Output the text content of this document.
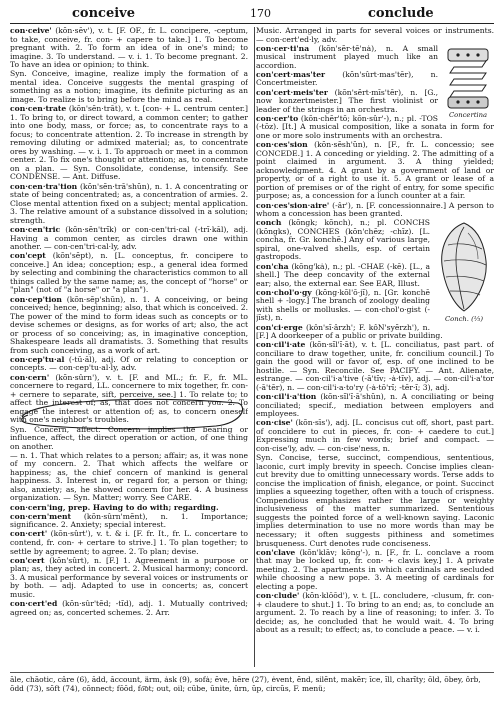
conceive	170	conclude

con·ceive' (kŏn·sēv'), v. t. [F. OF., fr. L. concipere, -ceptum, to take, conceive, fr. con- + capere to take.] 1. To become pregnant with. 2. To form an idea of in one's mind; to imagine. 3. To understand. — v. i. 1. To become pregnant. 2. To have an idea or opinion; to think.

Syn. Conceive, imagine, realize imply the formation of a mental idea. Conceive suggests the mental grasping of something as a notion; imagine, its definite picturing as an image. To realize is to bring before the mind as real.

con·cen·trate (kŏn'sĕn·trāt), v. t. [con- + L. centrum center.] 1. To bring to, or direct toward, a common center; to gather into one body, mass, or force; as, to concentrate rays to a focus; to concentrate attention. 2. To increase in strength by removing diluting or admixed material; as, to concentrate ores by washing. — v. i. 1. To approach or meet in a common center. 2. To fix one's thought or attention; as, to concentrate on a plan. — Syn. Consolidate, condense, intensify. See CONDENSE. — Ant. Diffuse.

con·cen·tra'tion (kŏn'sĕn·trā'shŭn), n. 1. A concentrating or state of being concentrated; as, a concentration of armies. 2. Close mental attention fixed on a subject; mental application. 3. The relative amount of a substance dissolved in a solution; strength.

con·cen'tric (kŏn·sĕn'trĭk) or con·cen'tri·cal (-trĭ·kăl), adj. Having a common center, as circles drawn one within another. — con·cen'tri·cal·ly, adv.

con'cept (kŏn'sĕpt), n. [L. conceptus, fr. concipere to conceive.] An idea; conception; esp., a general idea formed by selecting and combining the characteristics common to all things called by the same name; as, the concept of "horse" or "plan" (not of "a horse" or "a plan").

con·cep'tion (kŏn·sĕp'shŭn), n. 1. A conceiving, or being conceived; hence, beginning; also, that which is conceived. 2. The power of the mind to form ideas such as concepts or to devise schemes or designs, as for works of art; also, the act or process of so conceiving; as, in imaginative conception, Shakespeare leads all dramatists. 3. Something that results from such conceiving, as a work of art.

con·cep'tu·al (-tū·ăl), adj. Of or relating to conception or concepts. — con·cep'tu·al·ly, adv.

con·cern' (kŏn·sûrn'), v. t. [F. and ML.; fr. F., fr. ML. concernere to regard, LL. concernere to mix together, fr. con- + cernere to separate, sift, perceive, see.] 1. To relate to; to affect the interest of; as, that does not concern you. 2. To engage the interest or attention of; as, to concern oneself with one's neighbor's troubles.

Syn. Concern, affect. Concern implies the bearing or influence, affect, the direct operation or action, of one thing on another.

— n. 1. That which relates to a person; affair; as, it was none of my concern. 2. That which affects the welfare or happiness; as, the chief concern of mankind is general happiness. 3. Interest in, or regard for, a person or thing; also, anxiety; as, he showed concern for her. 4. A business organization. — Syn. Matter; worry. See CARE.

con·cern'ing, prep. Having to do with; regarding.

con·cern'ment (kŏn·sûrn'mĕnt), n. 1. Importance; significance. 2. Anxiety; special interest.

con·cert' (kŏn·sûrt'), v. t. & i. [F. fr. It., fr. L. concertare to contend, fr. con- + certare to strive.] 1. To plan together; to settle by agreement; to agree. 2. To plan; devise.

con'cert (kŏn'sûrt), n. [F.] 1. Agreement in a purpose or plan; as, they acted in concert. 2. Musical harmony; concord. 3. A musical performance by several voices or instruments or by both. — adj. Adapted to use in concerts; as, concert music.

con·cert'ed (kŏn·sûr'tĕd; -tĭd), adj. 1. Mutually contrived; agreed on; as, concerted schemes. 2. Arr.

Music. Arranged in parts for several voices or instruments. — con·cert'ed·ly, adv.

Concertina

con·cer·ti'na (kŏn'sĕr·tē'nȧ), n. A small musical instrument played much like an accordion.

con'cert·mas'ter (kŏn'sûrt·mas'tēr), n. Concertmeister.

con'cert·meis'ter (kŏn'sĕrt·mīs'tēr), n. [G., now konzertmeister.] The first violinist or leader of the strings in an orchestra.

con·cer'to (kŏn·chĕr'tō; kŏn·sûr'-), n.; pl. -TOS (-tōz). [It.] A musical composition, like a sonata in form for one or more solo instruments with an orchestra.

con·ces'sion (kŏn·sĕsh'ŭn), n. [F., fr. L. concessio; see CONCEDE.] 1. A conceding or yielding. 2. The admitting of a point claimed in argument. 3. A thing yielded; acknowledgment. 4. A grant by a government of land or property, or of a right to use it. 5. A grant or lease of a portion of premises or of the right of entry, for some specific purpose; as, a concession for a lunch counter at a fair.

con·ces'sion·aire' (-âr'), n. [F. concessionnaire.] A person to whom a concession has been granted.

Conch. (⅓)

conch (kŏngk; kŏnch), n.; pl. CONCHS (kŏngks), CONCHES (kŏn'chĕz; -chĭz). [L. concha, fr. Gr. konchē.] Any of various large, spiral, one-valved shells, esp. of certain gastropods.

con'cha (kŏng'kȧ), n.; pl. -CHAE (-kē). [L., a shell.] The deep concavity of the external ear; also, the external ear. See EAR, Illust.

con·chol'o·gy (kŏng·kŏl'ō·jĭ), n. [Gr. konchē shell + -logy.] The branch of zoology dealing with shells or mollusks. — con·chol'o·gist (-jĭst), n.

con'ci·erge (kôn'sĭ·ârzh'; F. kôN'syĕrzh'), n. [F.] A doorkeeper of a public or private building.

con·cil'i·ate (kŏn·sĭl'ĭ·āt), v. t. [L. conciliatus, past part. of conciliare to draw together, unite, fr. concilium council.] To gain the good will or favor of, esp. of one inclined to be hostile. — Syn. Reconcile. See PACIFY. — Ant. Alienate, estrange. — con·cil'i·a'tive (-ā'tĭv; -ȧ·tĭv), adj. — con·cil'i·a'tor (-ā'tēr), n. — con·cil'i·a·to'ry (-ȧ·tō'rĭ; -tēr·ĭ; 3), adj.

con·cil'i·a'tion (kŏn·sĭl'ĭ·ā'shŭn), n. A conciliating or being conciliated; specif., mediation between employers and employees.

con·cise' (kŏn·sīs'), adj. [L. concisus cut off, short, past part. of concidere to cut in pieces, fr. con- + caedere to cut.] Expressing much in few words; brief and compact. — con·cise'ly, adv. — con·cise'ness, n.

Syn. Concise, terse, succinct, compendious, sententious, laconic, curt imply brevity in speech. Concise implies clean-cut brevity due to omitting unnecessary words. Terse adds to concise the implication of finish, elegance, or point. Succinct implies a squeezing together, often with a touch of crispness. Compendious emphasizes rather the large or weighty inclusiveness of the matter summarized. Sententious suggests the pointed force of a well-known saying. Laconic implies determination to use no more words than may be necessary; it often suggests pithiness and sometimes brusqueness. Curt denotes rude conciseness.

con'clave (kŏn'klāv; kŏng'-), n. [F., fr. L. conclave a room that may be locked up, fr. con- + clavis key.] 1. A private meeting. 2. The apartments in which cardinals are secluded while choosing a new pope. 3. A meeting of cardinals for electing a pope.

con·clude' (kŏn·klōōd'), v. t. [L. concludere, -clusum, fr. con- + claudere to shut.] 1. To bring to an end; as, to conclude an argument. 2. To reach by a line of reasoning; to infer. 3. To decide; as, he concluded that he would wait. 4. To bring about as a result; to effect; as, to conclude a peace. — v. i.

āle, chāotic, câre (6), ădd, ăccount, ärm, ȧsk (9), sofȧ; ēve, hēre (27), ėvent, ĕnd, silĕnt, makẽr; īce, ĭll, charĭty; ōld, ōbey, ôrb, ŏdd (73), sŏft (74), cŏnnect; fōōd, fo͝ot; out, oil; cūbe, ūnite, ûrn, ŭp, circŭs, F. menü;
